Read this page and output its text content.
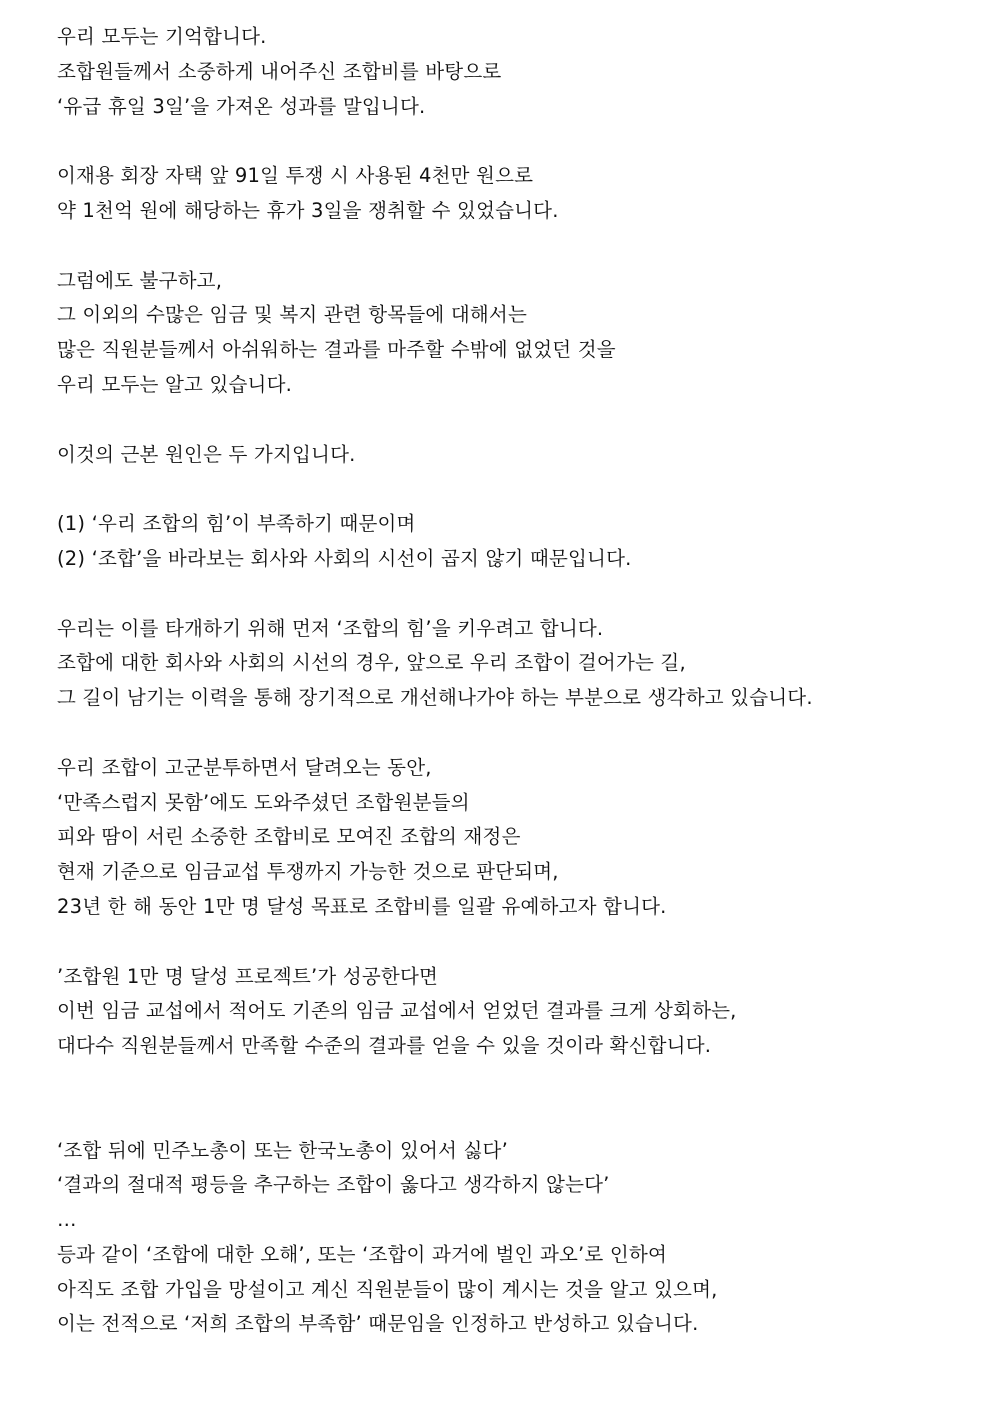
우리 모두는 기억합니다.
조합원들께서 소중하게 내어주신 조합비를 바탕으로
‘유급 휴일 3일’을 가져온 성과를 말입니다.
이재용 회장 자택 앞 91일 투쟁 시 사용된 4천만 원으로
약 1천억 원에 해당하는 휴가 3일을 쟁취할 수 있었습니다.
그럼에도 불구하고,
그 이외의 수많은 임금 및 복지 관련 항목들에 대해서는
많은 직원분들께서 아쉬워하는 결과를 마주할 수밖에 없었던 것을
우리 모두는 알고 있습니다.
이것의 근본 원인은 두 가지입니다.
(1) ‘우리 조합의 힘’이 부족하기 때문이며
(2) ‘조합’을 바라보는 회사와 사회의 시선이 곱지 않기 때문입니다.
우리는 이를 타개하기 위해 먼저 ‘조합의 힘’을 키우려고 합니다.
조합에 대한 회사와 사회의 시선의 경우, 앞으로 우리 조합이 걸어가는 길,
그 길이 남기는 이력을 통해 장기적으로 개선해나가야 하는 부분으로 생각하고 있습니다.
우리 조합이 고군분투하면서 달려오는 동안,
‘만족스럽지 못함’에도 도와주셨던 조합원분들의
피와 땀이 서린 소중한 조합비로 모여진 조합의 재정은
현재 기준으로 임금교섭 투쟁까지 가능한 것으로 판단되며,
23년 한 해 동안 1만 명 달성 목표로 조합비를 일괄 유예하고자 합니다.
’조합원 1만 명 달성 프로젝트’가 성공한다면
이번 임금 교섭에서 적어도 기존의 임금 교섭에서 얻었던 결과를 크게 상회하는,
대다수 직원분들께서 만족할 수준의 결과를 얻을 수 있을 것이라 확신합니다.
‘조합 뒤에 민주노총이 또는 한국노총이 있어서 싫다’
‘결과의 절대적 평등을 추구하는 조합이 옳다고 생각하지 않는다’
…
등과 같이 ‘조합에 대한 오해’, 또는 ‘조합이 과거에 벌인 과오’로 인하여
아직도 조합 가입을 망설이고 계신 직원분들이 많이 계시는 것을 알고 있으며,
이는 전적으로 ‘저희 조합의 부족함’ 때문임을 인정하고 반성하고 있습니다.
